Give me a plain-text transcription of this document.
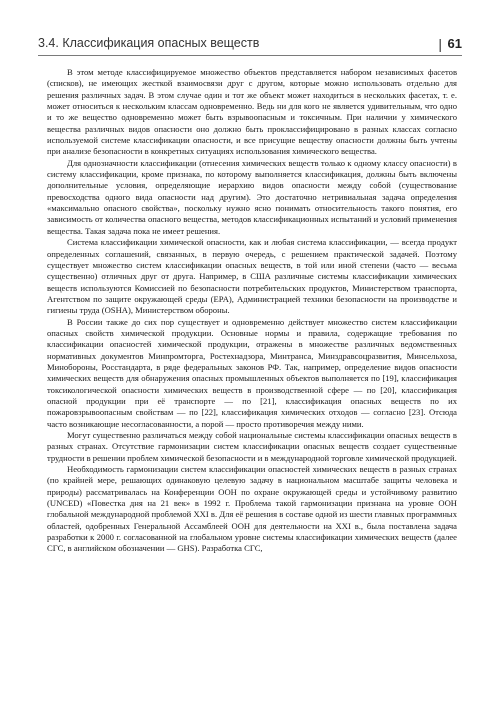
3.4. Классификация опасных веществ	| 61

В этом методе классифицируемое множество объектов представляется набором независимых фасетов (списков), не имеющих жесткой взаимосвязи друг с другом, которые можно использовать отдельно для решения различных задач. В этом случае один и тот же объект может находиться в нескольких фасетах, т. е. может относиться к нескольким классам одновременно. Ведь ни для кого не является удивительным, что одно и то же вещество одновременно может быть взрывоопасным и токсичным. При наличии у химического вещества различных видов опасности оно должно быть проклассифицировано в разных классах согласно используемой системе классификации опасности, и все присущие веществу опасности должны быть учтены при анализе безопасности в конкретных ситуациях использования химического вещества.

Для однозначности классификации (отнесения химических веществ только к одному классу опасности) в систему классификации, кроме признака, по которому выполняется классификация, должны быть включены дополнительные условия, определяющие иерархию видов опасности между собой (существование превосходства одного вида опасности над другим). Это достаточно нетривиальная задача определения «максимально опасного свойства», поскольку нужно ясно понимать относительность такого понятия, его зависимость от количества опасного вещества, методов классификационных испытаний и условий применения вещества. Такая задача пока не имеет решения.

Система классификации химической опасности, как и любая система классификации, — всегда продукт определенных соглашений, связанных, в первую очередь, с решением практической задачей. Поэтому существует множество систем классификации опасных веществ, в той или иной степени (часто — весьма существенно) отличных друг от друга. Например, в США различные системы классификации химических веществ используются Комиссией по безопасности потребительских продуктов, Министерством транспорта, Агентством по защите окружающей среды (EPA), Администрацией техники безопасности на производстве и гигиены труда (OSHA), Министерством обороны.

В России также до сих пор существует и одновременно действует множество систем классификации опасных свойств химической продукции. Основные нормы и правила, содержащие требования по классификации опасностей химической продукции, отражены в множестве различных ведомственных нормативных документов Минпромторга, Ростехнадзора, Минтранса, Минздравсоцразвития, Минсельхоза, Минобороны, Росстандарта, в ряде федеральных законов РФ. Так, например, определение видов опасности химических веществ для обнаружения опасных промышленных объектов выполняется по [19], классификация токсикологической опасности химических веществ в производственной сфере — по [20], классификация опасной продукции при её транспорте — по [21], классификация опасных веществ по их пожаровзрывоопасным свойствам — по [22], классификация химических отходов — согласно [23]. Отсюда часто возникающие несогласованности, а порой — просто противоречия между ними.

Могут существенно различаться между собой национальные системы классификации опасных веществ в разных странах. Отсутствие гармонизации систем классификации опасных веществ создает существенные трудности в решении проблем химической безопасности и в международной торговле химической продукцией.

Необходимость гармонизации систем классификации опасностей химических веществ в разных странах (по крайней мере, решающих одинаковую целевую задачу в национальном масштабе защиты человека и природы) рассматривалась на Конференции ООН по охране окружающей среды и устойчивому развитию (UNCED) «Повестка дня на 21 век» в 1992 г. Проблема такой гармонизации признана на уровне ООН глобальной международной проблемой XXI в. Для её решения в составе одной из шести главных программных областей, одобренных Генеральной Ассамблеей ООН для деятельности на XXI в., была поставлена задача разработки к 2000 г. согласованной на глобальном уровне системы классификации химических веществ (далее СГС, в английском обозначении — GHS). Разработка СГС,
